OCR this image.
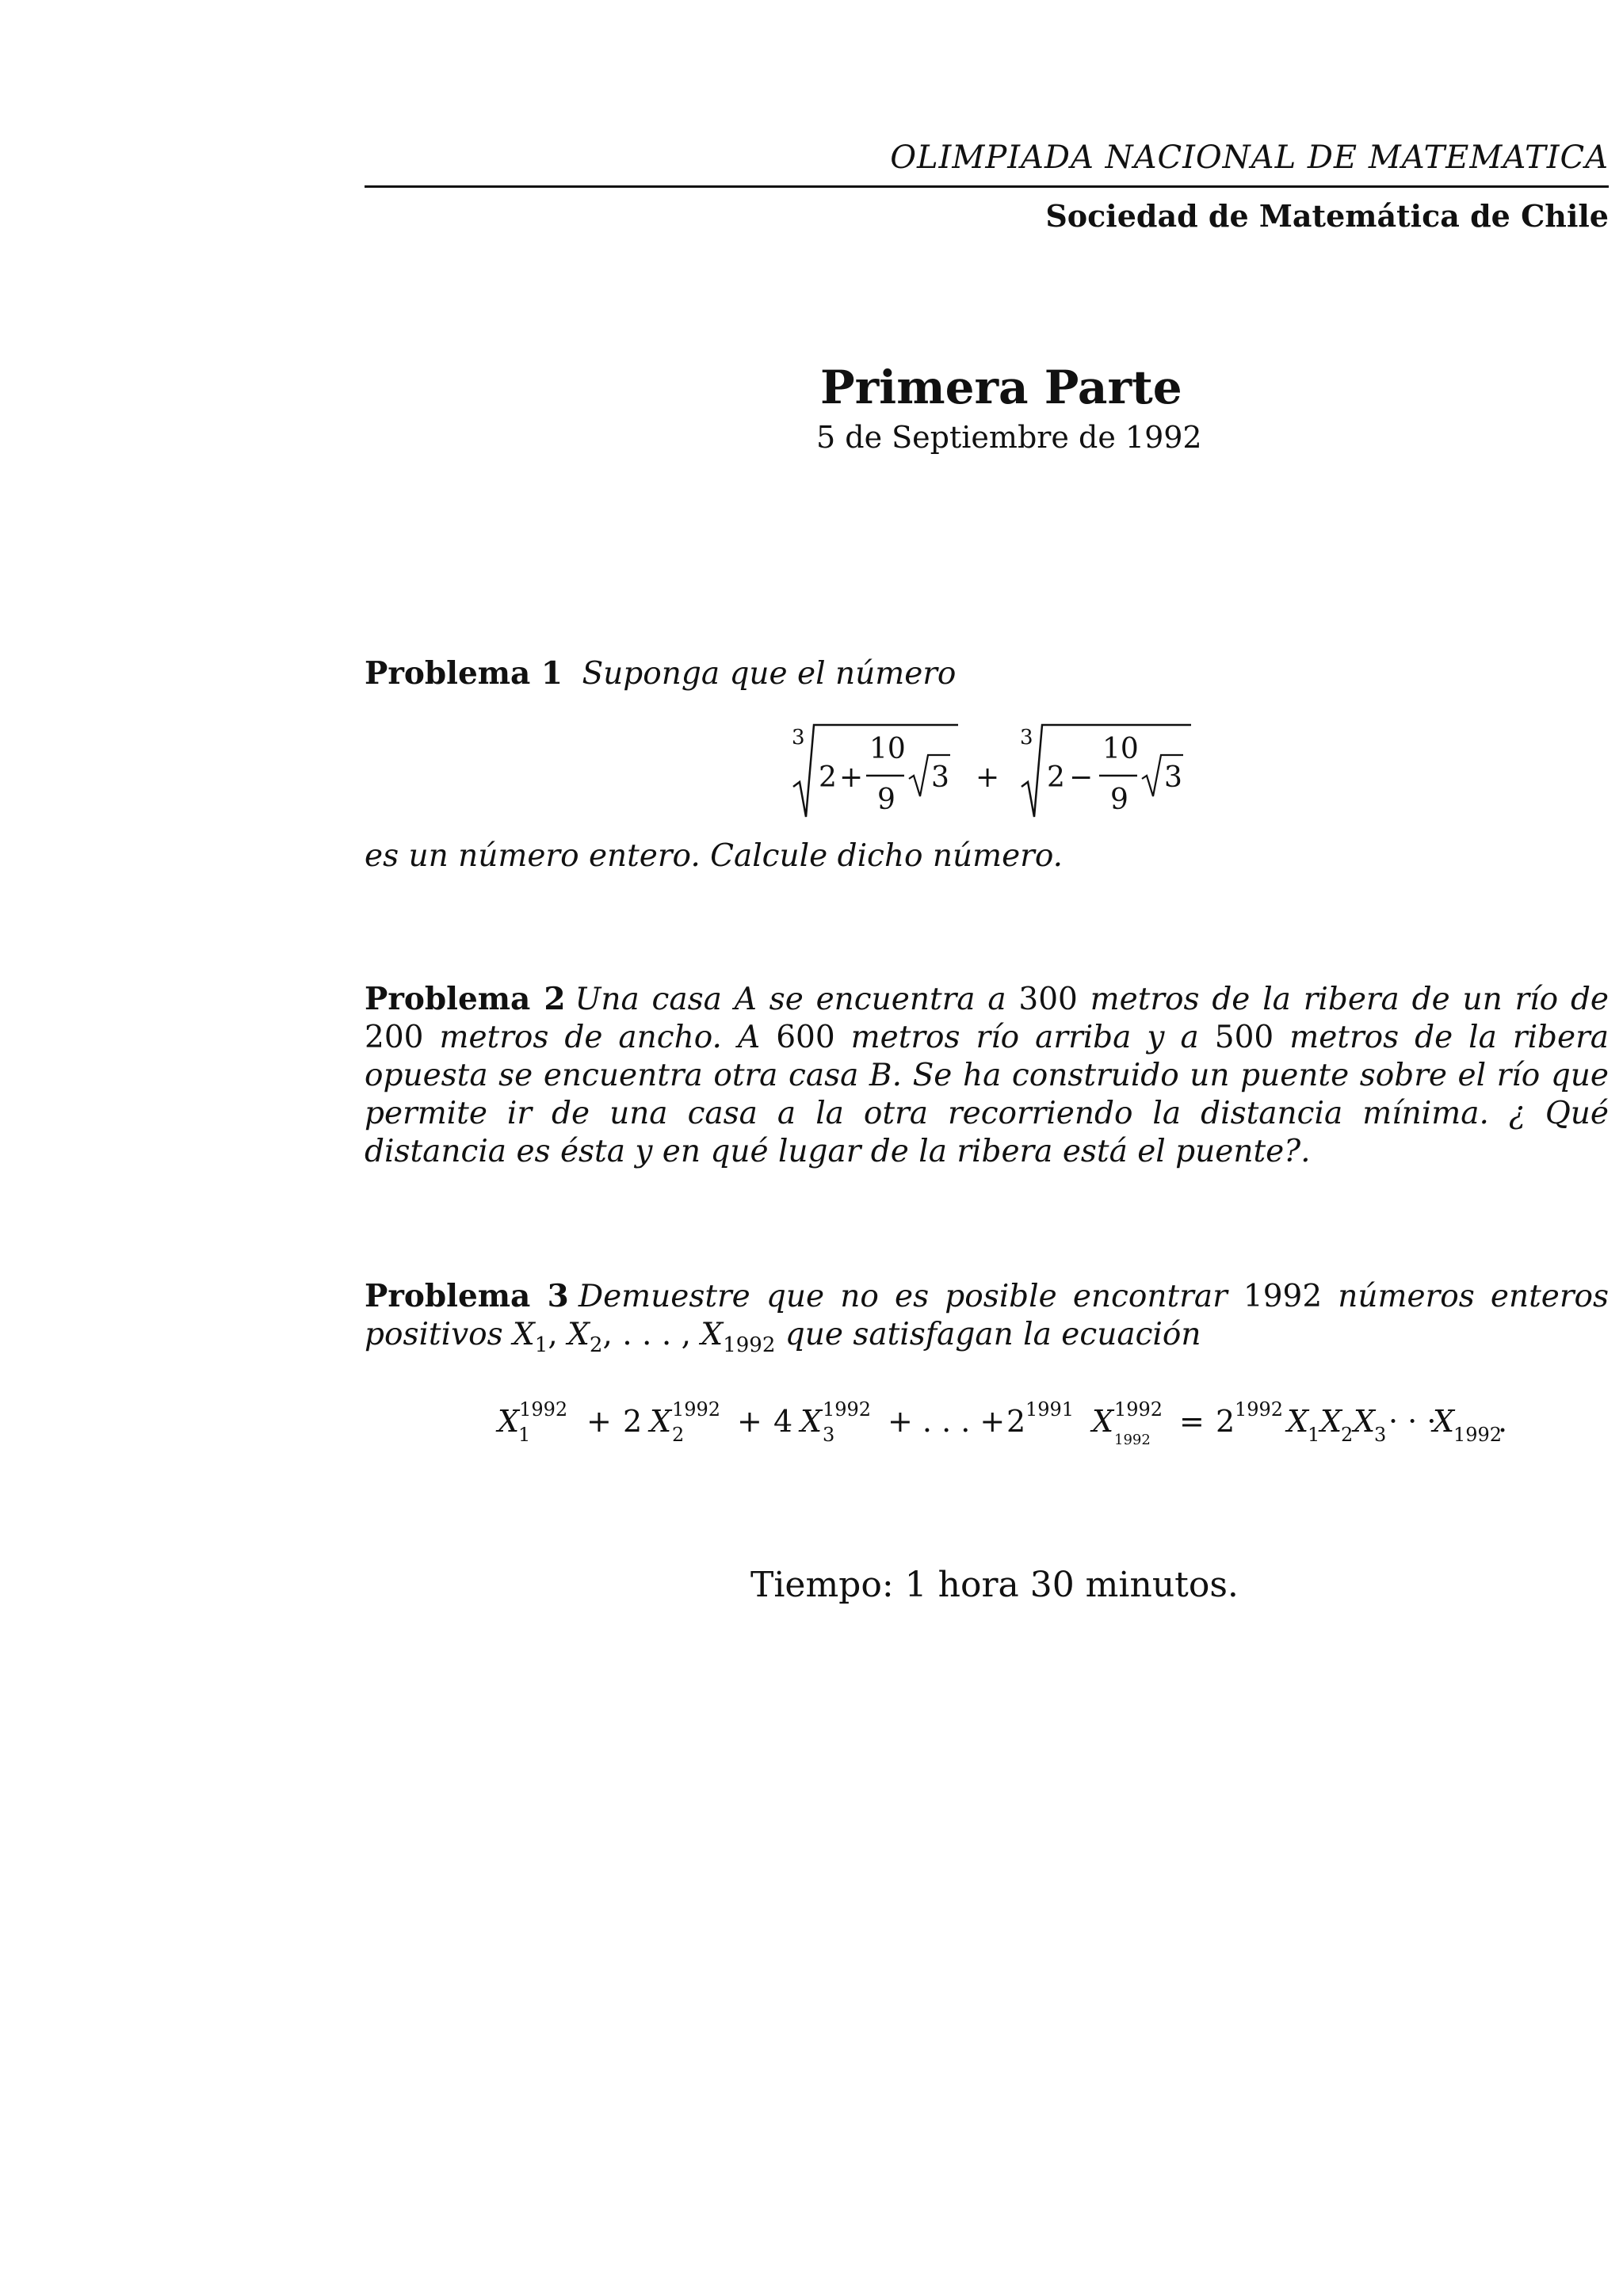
OLIMPIADA NACIONAL DE MATEMATICA
Sociedad de Matemática de Chile
Primera Parte
5 de Septiembre de 1992
Problema 1 Suponga que el número
3
2 +
10
9
3 +
3
2 −
10
9
3
es un número entero. Calcule dicho número.
Problema 2 Una casa A se encuentra a 300 metros de la ribera de un río de 200 metros de ancho. A 600 metros río arriba y a 500 metros de la ribera opuesta se encuentra otra casa B. Se ha construido un puente sobre el río que permite ir de una casa a la otra recorriendo la distancia mínima. ¿ Qué distancia es ésta y en qué lugar de la ribera está el puente?.
Problema 3 Demuestre que no es posible encontrar 1992 números enteros positivos $X_1$, $X_2$, . . . , $X_{1992}$ que satisfagan la ecuación
$X^{1992}$ 1 + 2 X 1992 2 + 4 X 1992 3 + . . . + 2 1991 X 1992 1992 = 2 1992 X 1 X 2 X 3 · · · X 1992 .
Tiempo: 1 hora 30 minutos.
